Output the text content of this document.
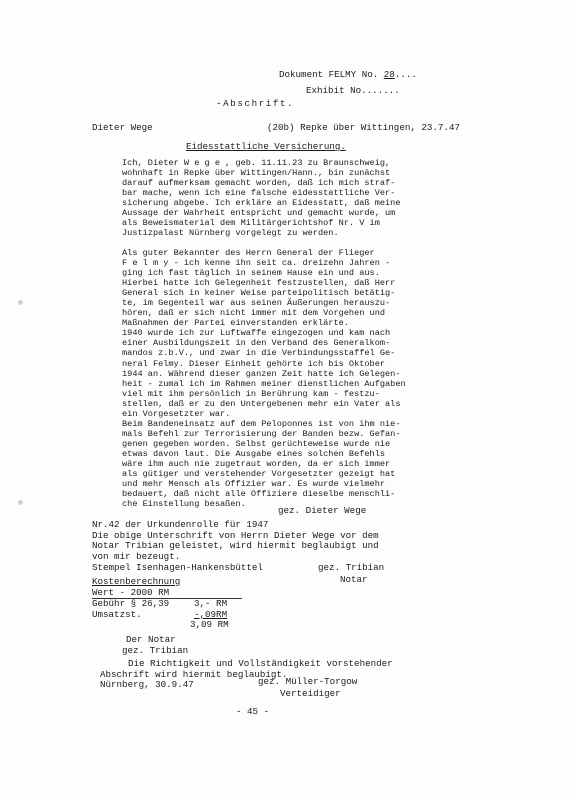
Dokument FELMY No. 28....
Exhibit No.......
-Abschrift.
Dieter Wege	(20b) Repke über Wittingen, 23.7.47
Eidesstattliche Versicherung.
Ich, Dieter W e g e , geb. 11.11.23 zu Braunschweig,
wohnhaft in Repke über Wittingen/Hann., bin zunächst
darauf aufmerksam gemacht worden, daß ich mich straf-
bar mache, wenn ich eine falsche eidesstattliche Ver-
sicherung abgebe. Ich erkläre an Eidesstatt, daß meine
Aussage der Wahrheit entspricht und gemacht wurde, um
als Beweismaterial dem Militärgerichtshof Nr. V im
Justizpalast Nürnberg vorgelegt zu werden.
Als guter Bekannter des Herrn General der Flieger
F e l m y - ich kenne ihn seit ca. dreizehn Jahren -
ging ich fast täglich in seinem Hause ein und aus.
Hierbei hatte ich Gelegenheit festzustellen, daß Herr
General sich in keiner Weise parteipolitisch betätig-
te, im Gegenteil war aus seinen Äußerungen herauszu-
hören, daß er sich nicht immer mit dem Vorgehen und
Maßnahmen der Partei einverstanden erklärte.
1940 wurde ich zur Luftwaffe eingezogen und kam nach
einer Ausbildungszeit in den Verband des Generalkom-
mandos z.b.V., und zwar in die Verbindungsstaffel Ge-
neral Felmy. Dieser Einheit gehörte ich bis Oktober
1944 an. Während dieser ganzen Zeit hatte ich Gelegen-
heit - zumal ich im Rahmen meiner dienstlichen Aufgaben
viel mit ihm persönlich in Berührung kam - festzu-
stellen, daß er zu den Untergebenen mehr ein Vater als
ein Vorgesetzter war.
Beim Bandeneinsatz auf dem Peloponnes ist von ihm nie-
mals Befehl zur Terrorisierung der Banden bezw. Gefan-
genen gegeben worden. Selbst gerüchteweise wurde nie
etwas davon laut. Die Ausgabe eines solchen Befehls
wäre ihm auch nie zugetraut worden, da er sich immer
als gütiger und verstehender Vorgesetzter gezeigt hat
und mehr Mensch als Offizier war. Es wurde vielmehr
bedauert, daß nicht alle Offiziere dieselbe menschli-
che Einstellung besaßen.
gez. Dieter Wege
Nr.42 der Urkundenrolle für 1947
Die obige Unterschrift von Herrn Dieter Wege vor dem
Notar Tribian geleistet, wird hiermit beglaubigt und
von mir bezeugt.
Stempel Isenhagen-Hankensbüttel	gez. Tribian
Notar
Kostenberechnung
Wert - 2000 RM
Gebühr § 26,39	3,- RM
Umsatzst.	-,09RM
3,09 RM
Der Notar
gez. Tribian
Die Richtigkeit und Vollständigkeit vorstehender
Abschrift wird hiermit beglaubigt.
Nürnberg, 30.9.47	gez. Müller-Torgow
Verteidiger
- 45 -
